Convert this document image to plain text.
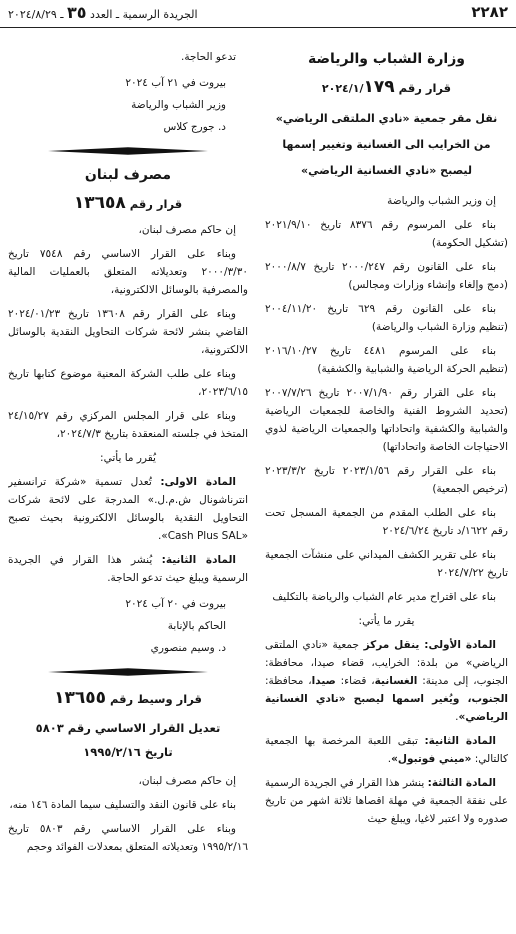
٢٢٨٢
الجريدة الرسمية ـ العدد ٣٥ ـ ٢٠٢٤/٨/٢٩
وزارة الشباب والرياضة
قرار رقم ١٧٩٢٠٢٤/١/

نقل مقر جمعية «نادي الملتقى الرياضي»

من الخرايب الى الغسانية وتغيير إسمها

ليصبح «نادي الغسانية الرياضي»

إن وزير الشباب والرياضة

بناء على المرسوم رقم ٨٣٧٦ تاريخ ٢٠٢١/٩/١٠

(تشكيل الحكومة)

بناء على القانون رقم ٢٠٠٠/٢٤٧ تاريخ ٢٠٠٠/٨/٧

(دمج وإلغاء وإنشاء وزارات ومجالس)

بناء على القانون رقم ٦٢٩ تاريخ ٢٠٠٤/١١/٢٠

(تنظيم وزارة الشباب والرياضة)

بناء على المرسوم ٤٤٨١ تاريخ ٢٠١٦/١٠/٢٧

(تنظيم الحركة الرياضية والشبابية والكشفية)

بناء على القرار رقم ٢٠٠٧/١/٩٠ تاريخ ٢٠٠٧/٧/٢٦ (تحديد الشروط الفنية والخاصة للجمعيات الرياضية والشبابية والكشفية واتحاداتها والجمعيات الرياضية لذوي الاحتياجات الخاصة واتحاداتها)

بناء على القرار رقم ٢٠٢٣/١/٥٦ تاريخ ٢٠٢٣/٣/٢ (ترخيص الجمعية)

بناء على الطلب المقدم من الجمعية المسجل تحت رقم ١٦٢٢/د تاريخ ٢٠٢٤/٦/٢٤

بناء على تقرير الكشف الميداني على منشآت الجمعية تاريخ ٢٠٢٤/٧/٢٢

بناء على اقتراح مدير عام الشباب والرياضة بالتكليف

يقرر ما يأتي:

المادة الأولى: ينقل مركز جمعية «نادي الملتقى الرياضي» من بلدة: الخرايب، قضاء صيدا، محافظة: الجنوب، إلى مدينة: الغسانية، قضاء: صيدا، محافظة: الجنوب، ويُغير اسمها ليصبح «نادي الغسانية الرياضي».

المادة الثانية: تبقى اللعبة المرخصة بها الجمعية كالتالي: «ميني فوتبول».

المادة الثالثة: ينشر هذا القرار في الجريدة الرسمية على نفقة الجمعية في مهلة اقصاها ثلاثة اشهر من تاريخ صدوره ولا اعتبر لاغيا، ويبلغ حيث

تدعو الحاجة.

بيروت في ٢١ آب ٢٠٢٤
وزير الشباب والرياضة
د. جورج كلاس
مصرف لبنان
قرار رقم ١٣٦٥٨

إن حاكم مصرف لبنان،

وبناء على القرار الاساسي رقم ٧٥٤٨ تاريخ ٢٠٠٠/٣/٣٠ وتعديلاته المتعلق بالعمليات المالية والمصرفية بالوسائل الالكترونية،

وبناء على القرار رقم ١٣٦٠٨ تاريخ ٢٠٢٤/٠١/٢٣ القاضي بنشر لائحة شركات التحاويل النقدية بالوسائل الالكترونية،

وبناء على طلب الشركة المعنية موضوع كتابها تاريخ ٢٠٢٣/٦/١٥،

وبناء على قرار المجلس المركزي رقم ٢٤/١٥/٢٧ المتخذ في جلسته المنعقدة بتاريخ ٢٠٢٤/٧/٣،

يُقرر ما يأتي:

المادة الاولى: تُعدل تسمية «شركة ترانسفير انترناشونال ش.م.ل.» المدرجة على لائحة شركات التحاويل النقدية بالوسائل الالكترونية بحيث تصبح «Cash Plus SAL».

المادة الثانية: يُنشر هذا القرار في الجريدة الرسمية ويبلغ حيث تدعو الحاجة.

بيروت في ٢٠ آب ٢٠٢٤
الحاكم بالإنابة
د. وسيم منصوري
قرار وسيط رقم ١٣٦٥٥

تعديل القرار الاساسي رقم ٥٨٠٣

تاريخ ١٩٩٥/٢/١٦

إن حاكم مصرف لبنان،

بناء على قانون النقد والتسليف سيما المادة ١٤٦ منه،

وبناء على القرار الاساسي رقم ٥٨٠٣ تاريخ ١٩٩٥/٢/١٦ وتعديلاته المتعلق بمعدلات الفوائد وحجم
